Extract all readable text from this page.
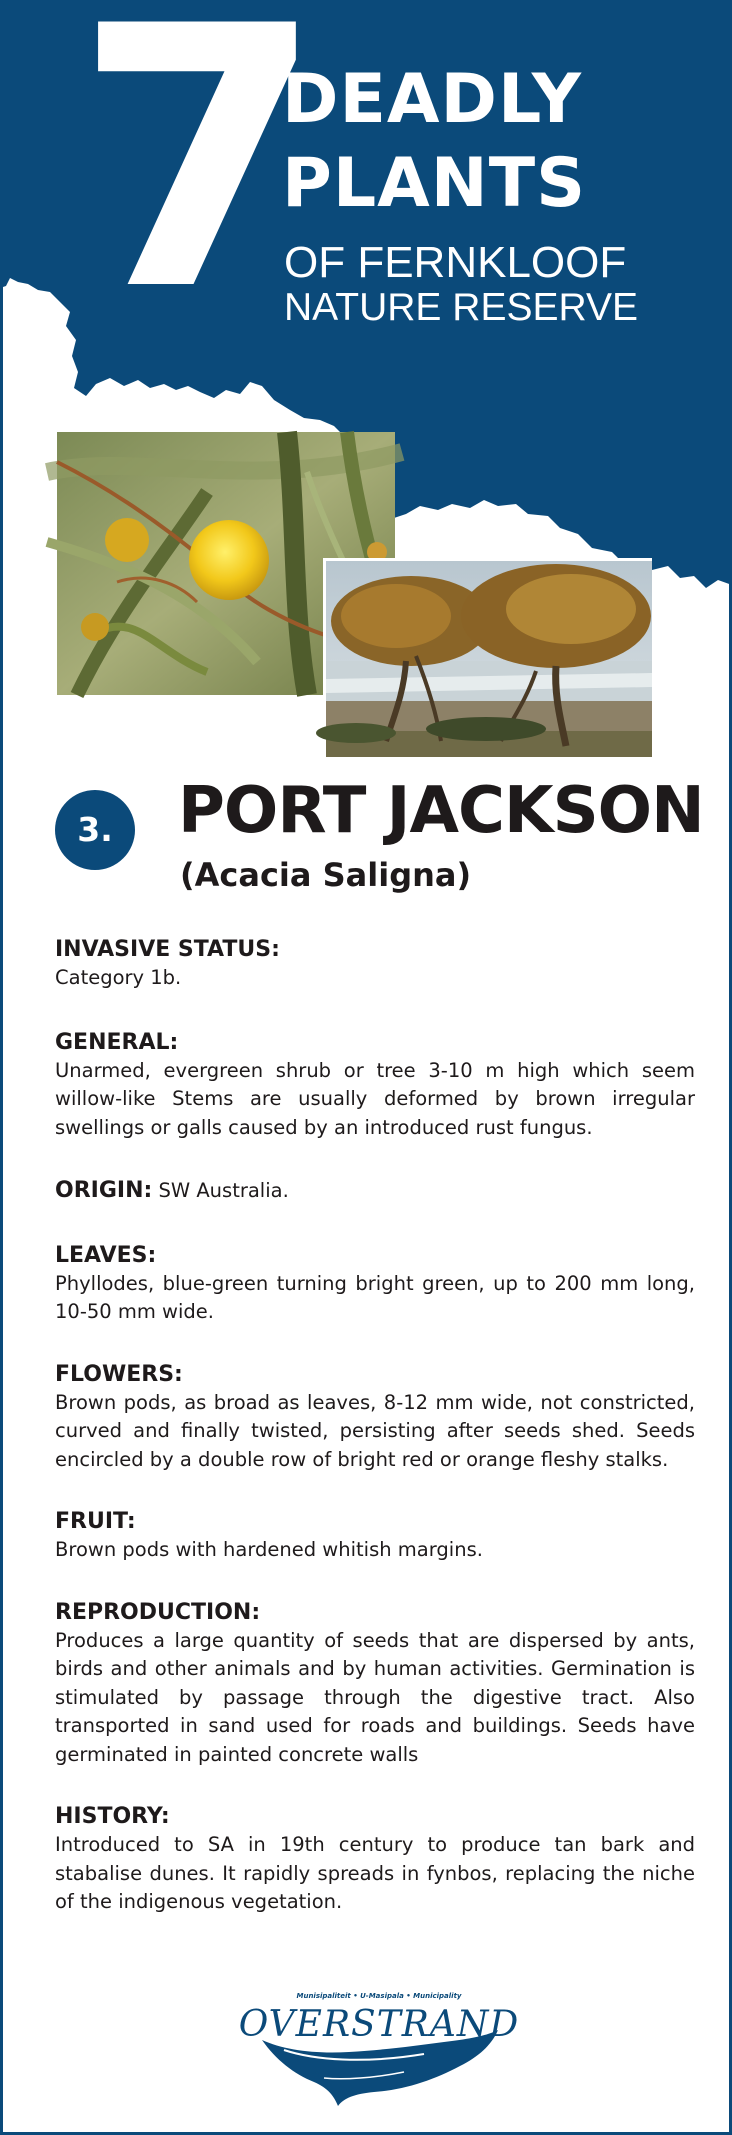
7
DEADLY
PLANTS
OF FERNKLOOF
NATURE RESERVE
3.	PORT JACKSON
(Acacia Saligna)

INVASIVE STATUS:

Category 1b.

GENERAL:

Unarmed, evergreen shrub or tree 3-10 m high which seem willow-like Stems are usually deformed by brown irregular swellings or galls caused by an introduced rust fungus.

ORIGIN: SW Australia.

LEAVES:

Phyllodes, blue-green turning bright green, up to 200 mm long, 10-50 mm wide.

FLOWERS:

Brown pods, as broad as leaves, 8-12 mm wide, not constricted, curved and finally twisted, persisting after seeds shed. Seeds encircled by a double row of bright red or orange fleshy stalks.

FRUIT:

Brown pods with hardened whitish margins.

REPRODUCTION:

Produces a large quantity of seeds that are dispersed by ants, birds and other animals and by human activities. Germination is stimulated by passage through the digestive tract. Also transported in sand used for roads and buildings. Seeds have germinated in painted concrete walls

HISTORY:

Introduced to SA in 19th century to produce tan bark and stabalise dunes. It rapidly spreads in fynbos, replacing the niche of the indigenous vegetation.

Munisipaliteit • U-Masipala • Municipality
OVERSTRAND
